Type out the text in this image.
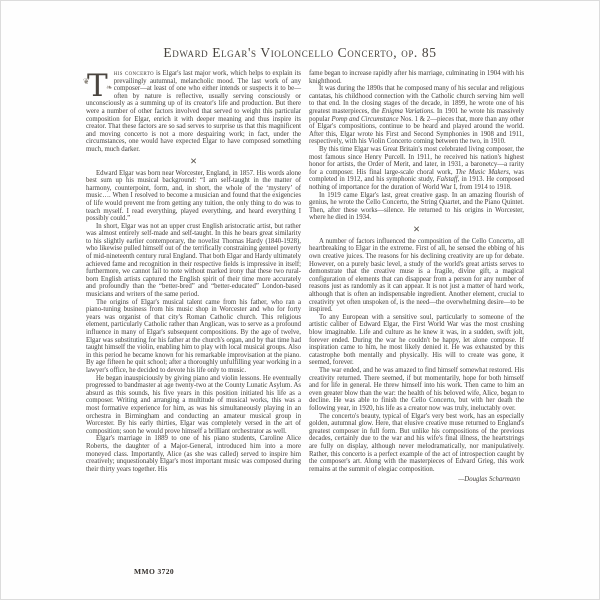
Edward Elgar's Violoncello Concerto, op. 85

❦ T ❧his concerto is Elgar's last major work, which helps to explain its prevailingly autumnal, melancholic mood. The last work of any composer—at least of one who either intends or suspects it to be—often by nature is reflective, usually serving consciously or unconsciously as a summing up of its creator's life and production. But there were a number of other factors involved that served to weight this particular composition for Elgar, enrich it with deeper meaning and thus inspire its creator. That these factors are so sad serves to surprise us that this magnificent and moving concerto is not a more despairing work; in fact, under the circumstances, one would have expected Elgar to have composed something much, much darker.

✕

Edward Elgar was born near Worcester, England, in 1857. His words alone best sum up his musical background: “I am self-taught in the matter of harmony, counterpoint, form, and, in short, the whole of the ‘mystery’ of music…. When I resolved to become a musician and found that the exigencies of life would prevent me from getting any tuition, the only thing to do was to teach myself. I read everything, played everything, and heard everything I possibly could.”

In short, Elgar was not an upper crust English aristocratic artist, but rather was almost entirely self-made and self-taught. In this he bears great similarity to his slightly earlier contemporary, the novelist Thomas Hardy (1840-1928), who likewise pulled himself out of the terrifically constraining genteel poverty of mid-nineteenth century rural England. That both Elgar and Hardy ultimately achieved fame and recognition in their respective fields is impressive in itself; furthermore, we cannot fail to note without marked irony that these two rural-born English artists captured the English spirit of their time more accurately and profoundly than the “better-bred” and “better-educated” London-based musicians and writers of the same period.

The origins of Elgar's musical talent came from his father, who ran a piano-tuning business from his music shop in Worcester and who for forty years was organist of that city's Roman Catholic church. This religious element, particularly Catholic rather than Anglican, was to serve as a profound influence in many of Elgar's subsequent compositions. By the age of twelve, Elgar was substituting for his father at the church's organ, and by that time had taught himself the violin, enabling him to play with local musical groups. Also in this period he became known for his remarkable improvisation at the piano. By age fifteen he quit school; after a thoroughly unfulfilling year working in a lawyer's office, he decided to devote his life only to music.

He began inauspiciously by giving piano and violin lessons. He eventually progressed to bandmaster at age twenty-two at the County Lunatic Asylum. As absurd as this sounds, his five years in this position initiated his life as a composer. Writing and arranging a multitude of musical works, this was a most formative experience for him, as was his simultaneously playing in an orchestra in Birmingham and conducting an amateur musical group in Worcester. By his early thirties, Elgar was completely versed in the art of composition; soon he would prove himself a brilliant orchestrator as well.

Elgar's marriage in 1889 to one of his piano students, Caroline Alice Roberts, the daughter of a Major-General, introduced him into a more moneyed class. Importantly, Alice (as she was called) served to inspire him creatively; unquestionably Elgar's most important music was composed during their thirty years together. His

fame began to increase rapidly after his marriage, culminating in 1904 with his knighthood.

It was during the 1890s that he composed many of his secular and religious cantatas, his childhood connection with the Catholic church serving him well to that end. In the closing stages of the decade, in 1899, he wrote one of his greatest masterpieces, the Enigma Variations. In 1901 he wrote his massively popular Pomp and Circumstance Nos. 1 & 2—pieces that, more than any other of Elgar's compositions, continue to be heard and played around the world. After this, Elgar wrote his First and Second Symphonies in 1908 and 1911, respectively, with his Violin Concerto coming between the two, in 1910.

By this time Elgar was Great Britain's most celebrated living composer, the most famous since Henry Purcell. In 1911, he received his nation's highest honor for artists, the Order of Merit, and later, in 1931, a baronetcy—a rarity for a composer. His final large-scale choral work, The Music Makers, was completed in 1912, and his symphonic study, Falstaff, in 1913. He composed nothing of importance for the duration of World War I, from 1914 to 1918.

In 1919 came Elgar's last, great creative gasp. In an amazing flourish of genius, he wrote the Cello Concerto, the String Quartet, and the Piano Quintet. Then, after these works—silence. He returned to his origins in Worcester, where he died in 1934.

✕

A number of factors influenced the composition of the Cello Concerto, all heartbreaking to Elgar in the extreme. First of all, he sensed the ebbing of his own creative juices. The reasons for his declining creativity are up for debate. However, on a purely basic level, a study of the world's great artists serves to demonstrate that the creative muse is a fragile, divine gift, a magical configuration of elements that can disappear from a person for any number of reasons just as randomly as it can appear. It is not just a matter of hard work, although that is often an indispensable ingredient. Another element, crucial to creativity yet often unspoken of, is the need—the overwhelming desire—to be inspired.

To any European with a sensitive soul, particularly to someone of the artistic caliber of Edward Elgar, the First World War was the most crushing blow imaginable. Life and culture as he knew it was, in a sudden, swift jolt, forever ended. During the war he couldn't be happy, let alone compose. If inspiration came to him, he most likely denied it. He was exhausted by this catastrophe both mentally and physically. His will to create was gone, it seemed, forever.

The war ended, and he was amazed to find himself somewhat restored. His creativity returned. There seemed, if but momentarily, hope for both himself and for life in general. He threw himself into his work. Then came to him an even greater blow than the war: the health of his beloved wife, Alice, began to decline. He was able to finish the Cello Concerto, but with her death the following year, in 1920, his life as a creator now was truly, ineluctably over.

The concerto's beauty, typical of Elgar's very best work, has an especially golden, autumnal glow. Here, that elusive creative muse returned to England's greatest composer in full form. But unlike his compositions of the previous decades, certainly due to the war and his wife's final illness, the heartstrings are fully on display, although never melodramatically, nor manipulatively. Rather, this concerto is a perfect example of the act of introspection caught by the composer's art. Along with the masterpieces of Edvard Grieg, this work remains at the summit of elegiac composition.

—Douglas Scharmann
MMO 3720
